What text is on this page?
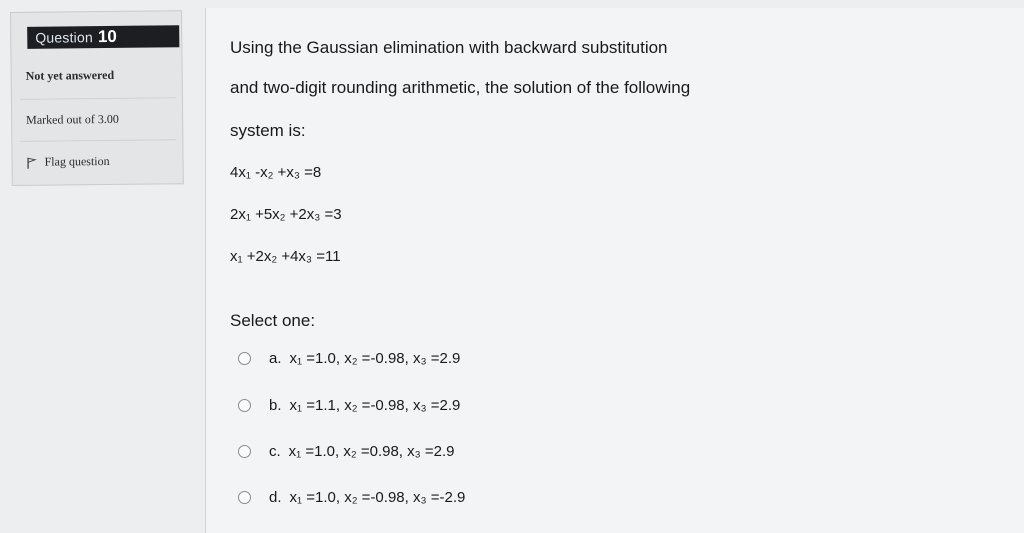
Question 10
Not yet answered
Marked out of 3.00
Flag question
Using the Gaussian elimination with backward substitution
and two-digit rounding arithmetic, the solution of the following
system is:
4x₁ -x₂ +x₃ =8
2x₁ +5x₂ +2x₃ =3
x₁ +2x₂ +4x₃ =11
Select one:
a. x₁ =1.0, x₂ =-0.98, x₃ =2.9
b. x₁ =1.1, x₂ =-0.98, x₃ =2.9
c. x₁ =1.0, x₂ =0.98, x₃ =2.9
d. x₁ =1.0, x₂ =-0.98, x₃ =-2.9
